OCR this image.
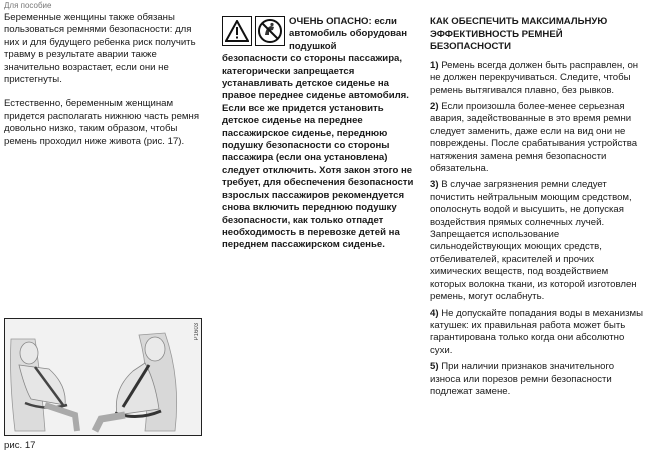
Для пособие

Беременные женщины также обязаны пользоваться ремнями безопасности: для них и для будущего ребенка риск получить травму в результате аварии также значительно возрастает, если они не пристегнуты.

Естественно, беременным женщинам придется располагать нижнюю часть ремня довольно низко, таким образом, чтобы ремень проходил ниже живота (рис. 17).

P1603
рис. 17
ОЧЕНЬ ОПАСНО: если автомобиль оборудован подушкой

безопасности со стороны пассажира, категорически запрещается устанавливать детское сиденье на правое переднее сиденье автомобиля. Если все же придется установить детское сиденье на переднее пассажирское сиденье, переднюю подушку безопасности со стороны пассажира (если она установлена) следует отключить. Хотя закон этого не требует, для обеспечения безопасности взрослых пассажиров рекомендуется снова включить переднюю подушку безопасности, как только отпадет необходимость в перевозке детей на переднем пассажирском сиденье.

КАК ОБЕСПЕЧИТЬ МАКСИМАЛЬНУЮ ЭФФЕКТИВНОСТЬ РЕМНЕЙ БЕЗОПАСНОСТИ

1) Ремень всегда должен быть расправлен, он не должен перекручиваться. Следите, чтобы ремень вытягивался плавно, без рывков.

2) Если произошла более-менее серьезная авария, задействованные в это время ремни следует заменить, даже если на вид они не повреждены. После срабатывания устройства натяжения замена ремня безопасности обязательна.

3) В случае загрязнения ремни следует почистить нейтральным моющим средством, ополоснуть водой и высушить, не допуская воздействия прямых солнечных лучей. Запрещается использование сильнодействующих моющих средств, отбеливателей, красителей и прочих химических веществ, под воздействием которых волокна ткани, из которой изготовлен ремень, могут ослабнуть.

4) Не допускайте попадания воды в механизмы катушек: их правильная работа может быть гарантирована только когда они абсолютно сухи.

5) При наличии признаков значительного износа или порезов ремни безопасности подлежат замене.
